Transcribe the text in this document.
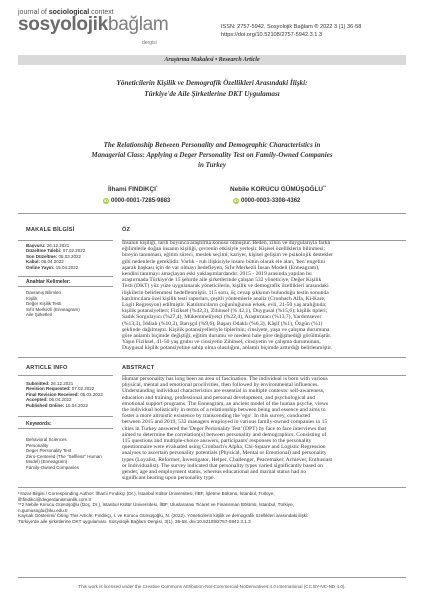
journal of sociological context
sosyolojikbağlam
dergisi
ISSN: 2757-5942. Sosyolojik Bağlam ® 2022 3 (1) 36-58
https://doi.org/10.52108/2757-5942.3.1.3
Araştırma Makalesi • Research Article
Yöneticilerin Kişilik ve Demografik Özellikleri Arasındaki İlişki:
Türkiye'de Aile Şirketlerine DKT Uygulaması
The Relationship Between Personality and Demographic Characteristics in
Managerial Class: Applying a Deger Personality Test on Family-Owned Companies
in Turkey
İlhami FINDIKÇI*
iD 0000-0001-7285-9883
Nebile KORUCU GÜMÜŞOĞLU**
iD 0000-0003-3308-4362
MAKALE BİLGİSİ
Başvuru: 26.12.2021
Düzeltme Talebi: 07.02.2022
Son Düzeltme: 05.03.2022
Kabul: 06.04.2022
Online Yayın: 15.04.2022
Anahtar Kelimeler:
Davranış Bilimleri
Kişilik
Değer Kişilik Testi
Sıfır Merkezli (Enneagram)
Aile Şirketleri
ÖZ
İnsanın kişiliği, tarih boyunca araştırma konusu olmuştur. Beden, zihin ve duygularıyla farklı
eğilimlerle doğan insanın kişiliği, çevrenin etkisiyle yerleşir. Kişisel özelliklerin bilinmesi;
bireyin tanınması, eğitim süreci, meslek seçimi, kariyer, kişisel gelişim ve psikolojik destekler
gibi nedenlerle gereklidir. Varlık - ruh ilişkisiyle insanı bütün olarak ele alan, 'ben' engelini
aşarak başkası için de var olmayı hedefleyen, Sıfır Merkezli İnsan Modeli (Enneagram),
kendini tanımayı amaçlayan eski yaklaşımlardandır. 2015 - 2019 arasında yapılan bu
araştırmada Türkiye'de 15 şehirde aile şirketlerinde çalışan 532 yöneticiye, Değer Kişilik
Testi (DKT) yüz yüze uygulanarak yöneticilerin, kişilik ve demografik özellikleri arasındaki
ilişkilerin belirlenmesi hedeflenmiştir. 115 soru, üç cevap şıkkının bulunduğu testin sonunda
katılımcılara özel kişilik testi raporları, çeşitli yöntemlerle analiz (Cronbach Alfa, Ki-Kare,
Logit Regresyon) edilmiştir. Katılımcıların çoğunluğunun erkek, evli, 21-50 yaş aralığında;
kişilik potansiyelleri; Fiziksel (%42,3), Zihinsel (% 42,1), Duygusal (%15,6); kişilik tipleri;
Sadık Sorgulayıcı (%27,4), Mükemmeliyetçi (%22,4), Araştırmacı (%13,7), Yardımsever
(%13,3), İddialı (%10,3), Barışçıl (%9,6), Başarı Odaklı (%6,3), Kâşif (%1), Özgün (%1)
şeklinde dağılmıştır. Kişilik potansiyelleriyle tiplerinin; cinsiyete, yaşa ve çalışma durumuna
göre anlamlı biçimde değiştiği, eğitim durumu ve medeni hale göre değişmediği görülmüştür.
Yaşın Fiziksel, 41-50 yaş grubu ve cinsiyetin Zihinsel, cinsiyetin ve çalışma durumunun,
Duygusal kişilik potansiyeline sahip olma olasılığını, anlamlı biçimde arttırdığı belirlenmiştir.
ARTICLE INFO
Submitted: 26.12.2021
Revision Requested: 07.02.2022
Final Revision Received: 05.03.2022
Accepted: 06.04.2022
Published Online: 15.04.2022
Keywords:
Behavioral Sciences
Personality
Deger Personality Test
Zero-Centered (The "Selfless" Human
Model) (Enneagram)
Family-Owned Companies
ABSTRACT
Human personality has long been an area of fascination. The individual is born with various
physical, mental and emotional proclivities, then followed by environmental influences.
Understanding individual characteristics are essential in multiple contexts: self-awareness,
education and training, professional and personal development, and psychological and
emotional support programs. The Enneagram, an ancient model of the human psyche, views
the individual holistically in terms of a relationship between being and essence and aims to
foster a more altruistic existence by transcending the 'ego'. In this survey, conducted
between 2015 and 2019, 532 managers employed in various family-owned companies in 15
cities in Turkey answered the 'Deger Personality Test' (DPT) by face to face interviews that
aimed to determine the correlation(s) between personality and demographics. Consisting of
115 questions and multiple-choice answers, participants' responses to the personality
questionnaire were evaluated using Cronbach's Alpha, Chi-Square and Logistic Regression
analyses to ascertain personality potentials (Physical, Mental or Emotional) and personality
types (Loyalist, Reformer, Investigator, Helper, Challenger, Peacemaker, Achiever, Enthusiast
or Individualist). The survey indicated that personality types varied significantly based on
gender, age and employment status, whereas educational and marital status had no
significant bearing upon personality type.
¹Yazar Bilgisi / Corresponding Author: İlhami Fındıkçı (Dr.), İstanbul Kültür Üniversitesi, İİBF, İşletme Bölümü, İstanbul, Türkiye,
ilhfindikci@degerdanismanlik.com.tr
**2 Nebile Korucu Gümüşoğlu (Doç. Dr.), İstanbul Kültür Üniversitesi, İİBF, Uluslararası Ticaret ve Finansman Bölümü, İstanbul, Türkiye,
n.gumusoglu@iku.edu.tr
Kaynak Gösterimi/ Citing This Article: Fındıkçı, İ. ve Korucu Gümüşoğlu, N. (2022). Yöneticilerin kişilik ve demografik özellikleri arasındaki ilişki:
Türkiye'de aile şirketlerine DKT uygulaması. Sosyolojik Bağlam Dergisi, 3(1), 36-58. doi:10.52108/2757-5942.3.1.3
This work is licensed under the Creative Commons Attribution-NonCommercial-NoDerivatives 4.0 International (CC BY-NC-ND 4.0).
